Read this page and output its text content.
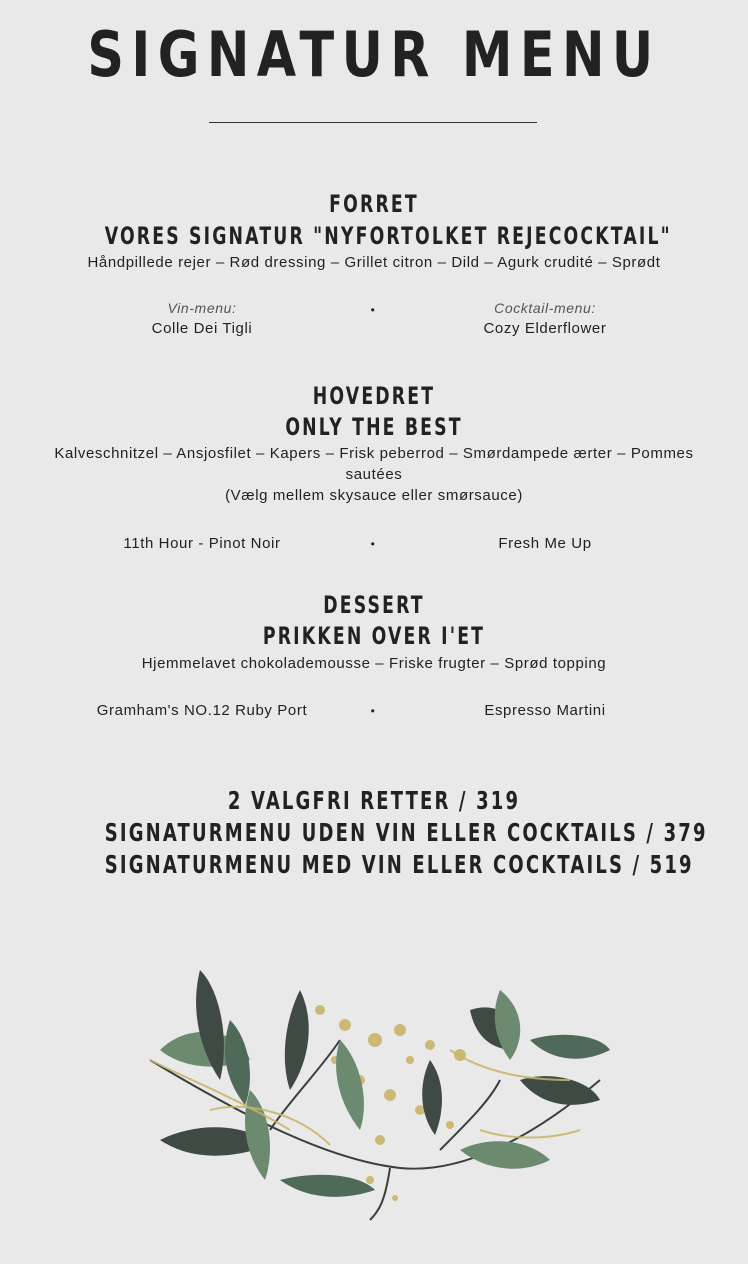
SIGNATUR MENU
FORRET
VORES SIGNATUR "NYFORTOLKET REJECOCKTAIL"
Håndpillede rejer – Rød dressing – Grillet citron – Dild – Agurk crudité – Sprødt
Vin-menu:
Colle Dei Tigli
•	Cocktail-menu:
Cozy Elderflower
HOVEDRET
ONLY THE BEST
Kalveschnitzel – Ansjosfilet – Kapers – Frisk peberrod – Smørdampede ærter – Pommes sautées
(Vælg mellem skysauce eller smørsauce)
11th Hour - Pinot Noir	•	Fresh Me Up
DESSERT
PRIKKEN OVER I'ET
Hjemmelavet chokolademousse – Friske frugter – Sprød topping
Gramham's NO.12 Ruby Port	•	Espresso Martini
2 VALGFRI RETTER / 319
SIGNATURMENU UDEN VIN ELLER COCKTAILS / 379
SIGNATURMENU MED VIN ELLER COCKTAILS / 519
